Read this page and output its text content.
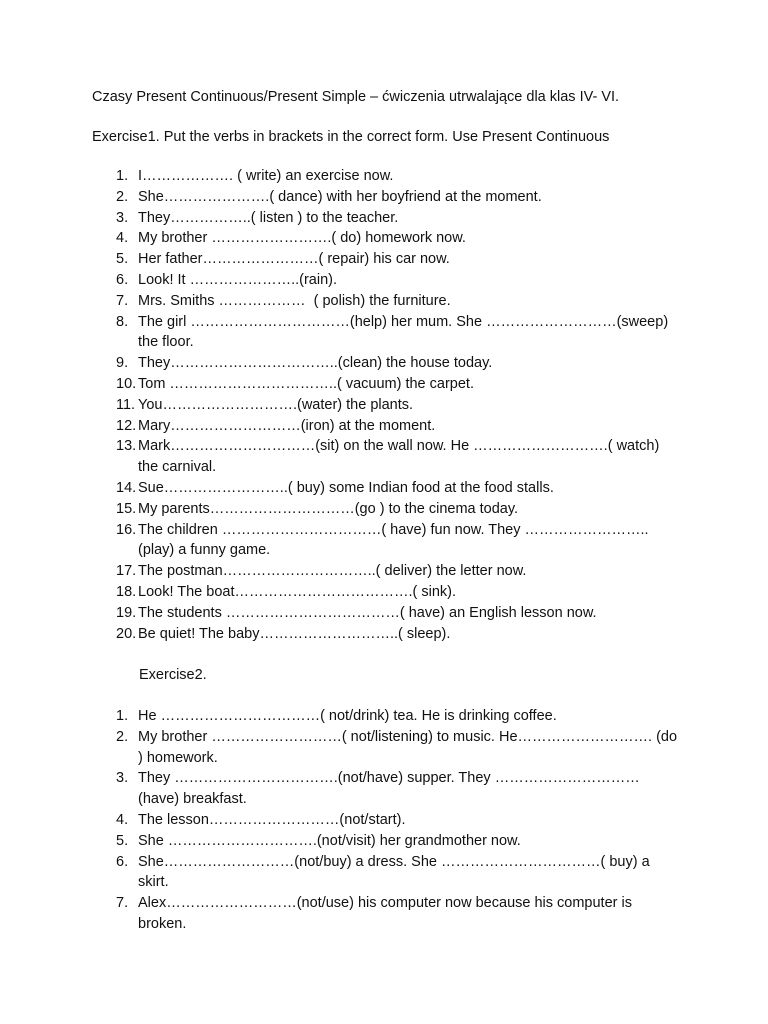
Czasy Present Continuous/Present Simple – ćwiczenia utrwalające dla klas IV- VI.
Exercise1. Put the verbs in brackets in the correct form. Use Present Continuous
1. I………………. ( write) an exercise now.
2. She………………….( dance) with her boyfriend at the moment.
3. They……………..( listen ) to the teacher.
4. My brother …………………….( do) homework now.
5. Her father……………………( repair) his car now.
6. Look! It …………………..(rain).
7. Mrs. Smiths ………………  ( polish) the furniture.
8. The girl ……………………………(help) her mum. She ………………………(sweep) the floor.
9. They……………………………..(clean) the house today.
10. Tom ……………………………..( vacuum) the carpet.
11. You……………………….(water) the plants.
12. Mary………………………(iron) at the moment.
13. Mark…………………………(sit) on the wall now. He ……………………….( watch) the carnival.
14. Sue……………………..( buy) some Indian food at the food stalls.
15. My parents…………………………(go ) to the cinema today.
16. The children ……………………………( have) fun now. They ……………………..(play) a funny game.
17. The postman…………………………..( deliver) the letter now.
18. Look! The boat……………………………….( sink).
19. The students ………………………………( have) an English lesson now.
20. Be quiet! The baby………………………..( sleep).
Exercise2.
1. He ……………………………( not/drink) tea. He is drinking coffee.
2. My brother ………………………( not/listening) to music. He………………………. (do ) homework.
3. They …………………………….(not/have) supper. They …………………………(have) breakfast.
4. The lesson………………………(not/start).
5. She ………………………….(not/visit) her grandmother now.
6. She………………………(not/buy) a dress. She ……………………………( buy) a skirt.
7. Alex………………………(not/use) his computer now because his computer is broken.
